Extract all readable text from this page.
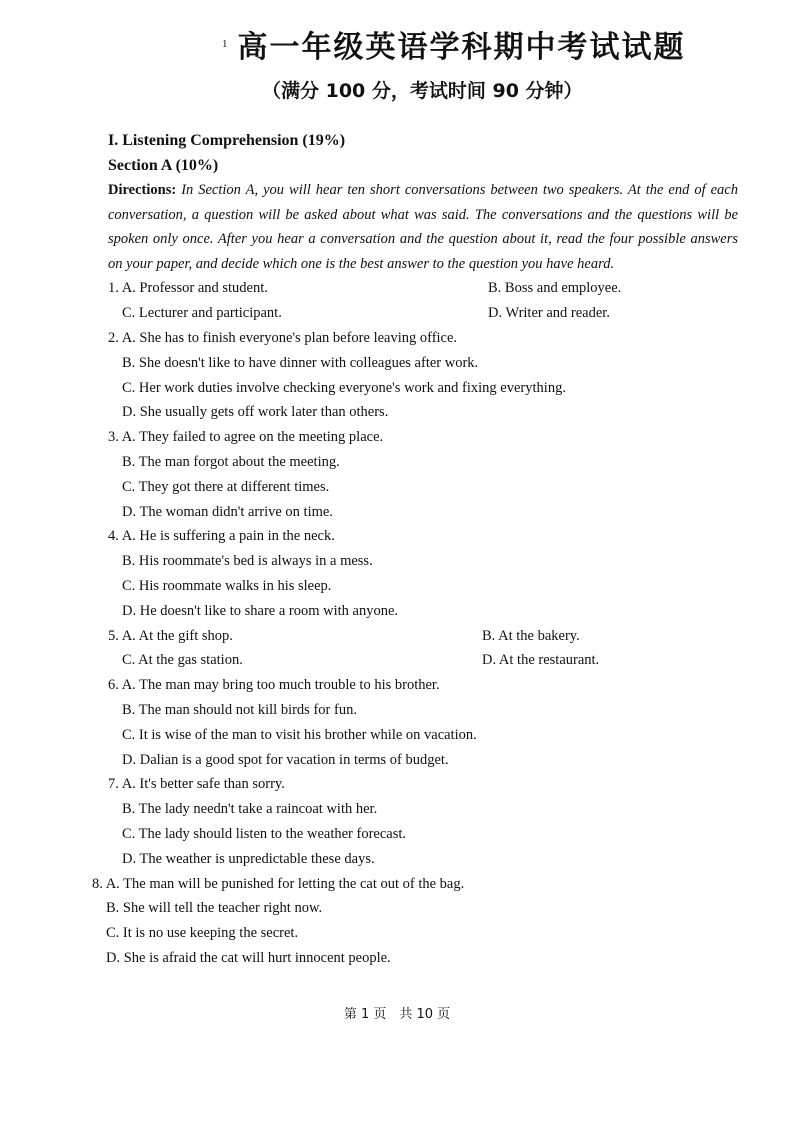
1 高一年级英语学科期中考试试题
（满分 100 分，考试时间 90 分钟）
I. Listening Comprehension (19%)
Section A (10%)
Directions: In Section A, you will hear ten short conversations between two speakers. At the end of each conversation, a question will be asked about what was said. The conversations and the questions will be spoken only once. After you hear a conversation and the question about it, read the four possible answers on your paper, and decide which one is the best answer to the question you have heard.
1. A. Professor and student.	B. Boss and employee.
C. Lecturer and participant.	D. Writer and reader.
2. A. She has to finish everyone's plan before leaving office.
B. She doesn't like to have dinner with colleagues after work.
C. Her work duties involve checking everyone's work and fixing everything.
D. She usually gets off work later than others.
3. A. They failed to agree on the meeting place.
B. The man forgot about the meeting.
C. They got there at different times.
D. The woman didn't arrive on time.
4. A. He is suffering a pain in the neck.
B. His roommate's bed is always in a mess.
C. His roommate walks in his sleep.
D. He doesn't like to share a room with anyone.
5. A. At the gift shop.	B. At the bakery.
C. At the gas station.	D. At the restaurant.
6. A. The man may bring too much trouble to his brother.
B. The man should not kill birds for fun.
C. It is wise of the man to visit his brother while on vacation.
D. Dalian is a good spot for vacation in terms of budget.
7. A. It's better safe than sorry.
B. The lady needn't take a raincoat with her.
C. The lady should listen to the weather forecast.
D. The weather is unpredictable these days.
8. A. The man will be punished for letting the cat out of the bag.
B. She will tell the teacher right now.
C. It is no use keeping the secret.
D. She is afraid the cat will hurt innocent people.
第 1 页　共 10 页
